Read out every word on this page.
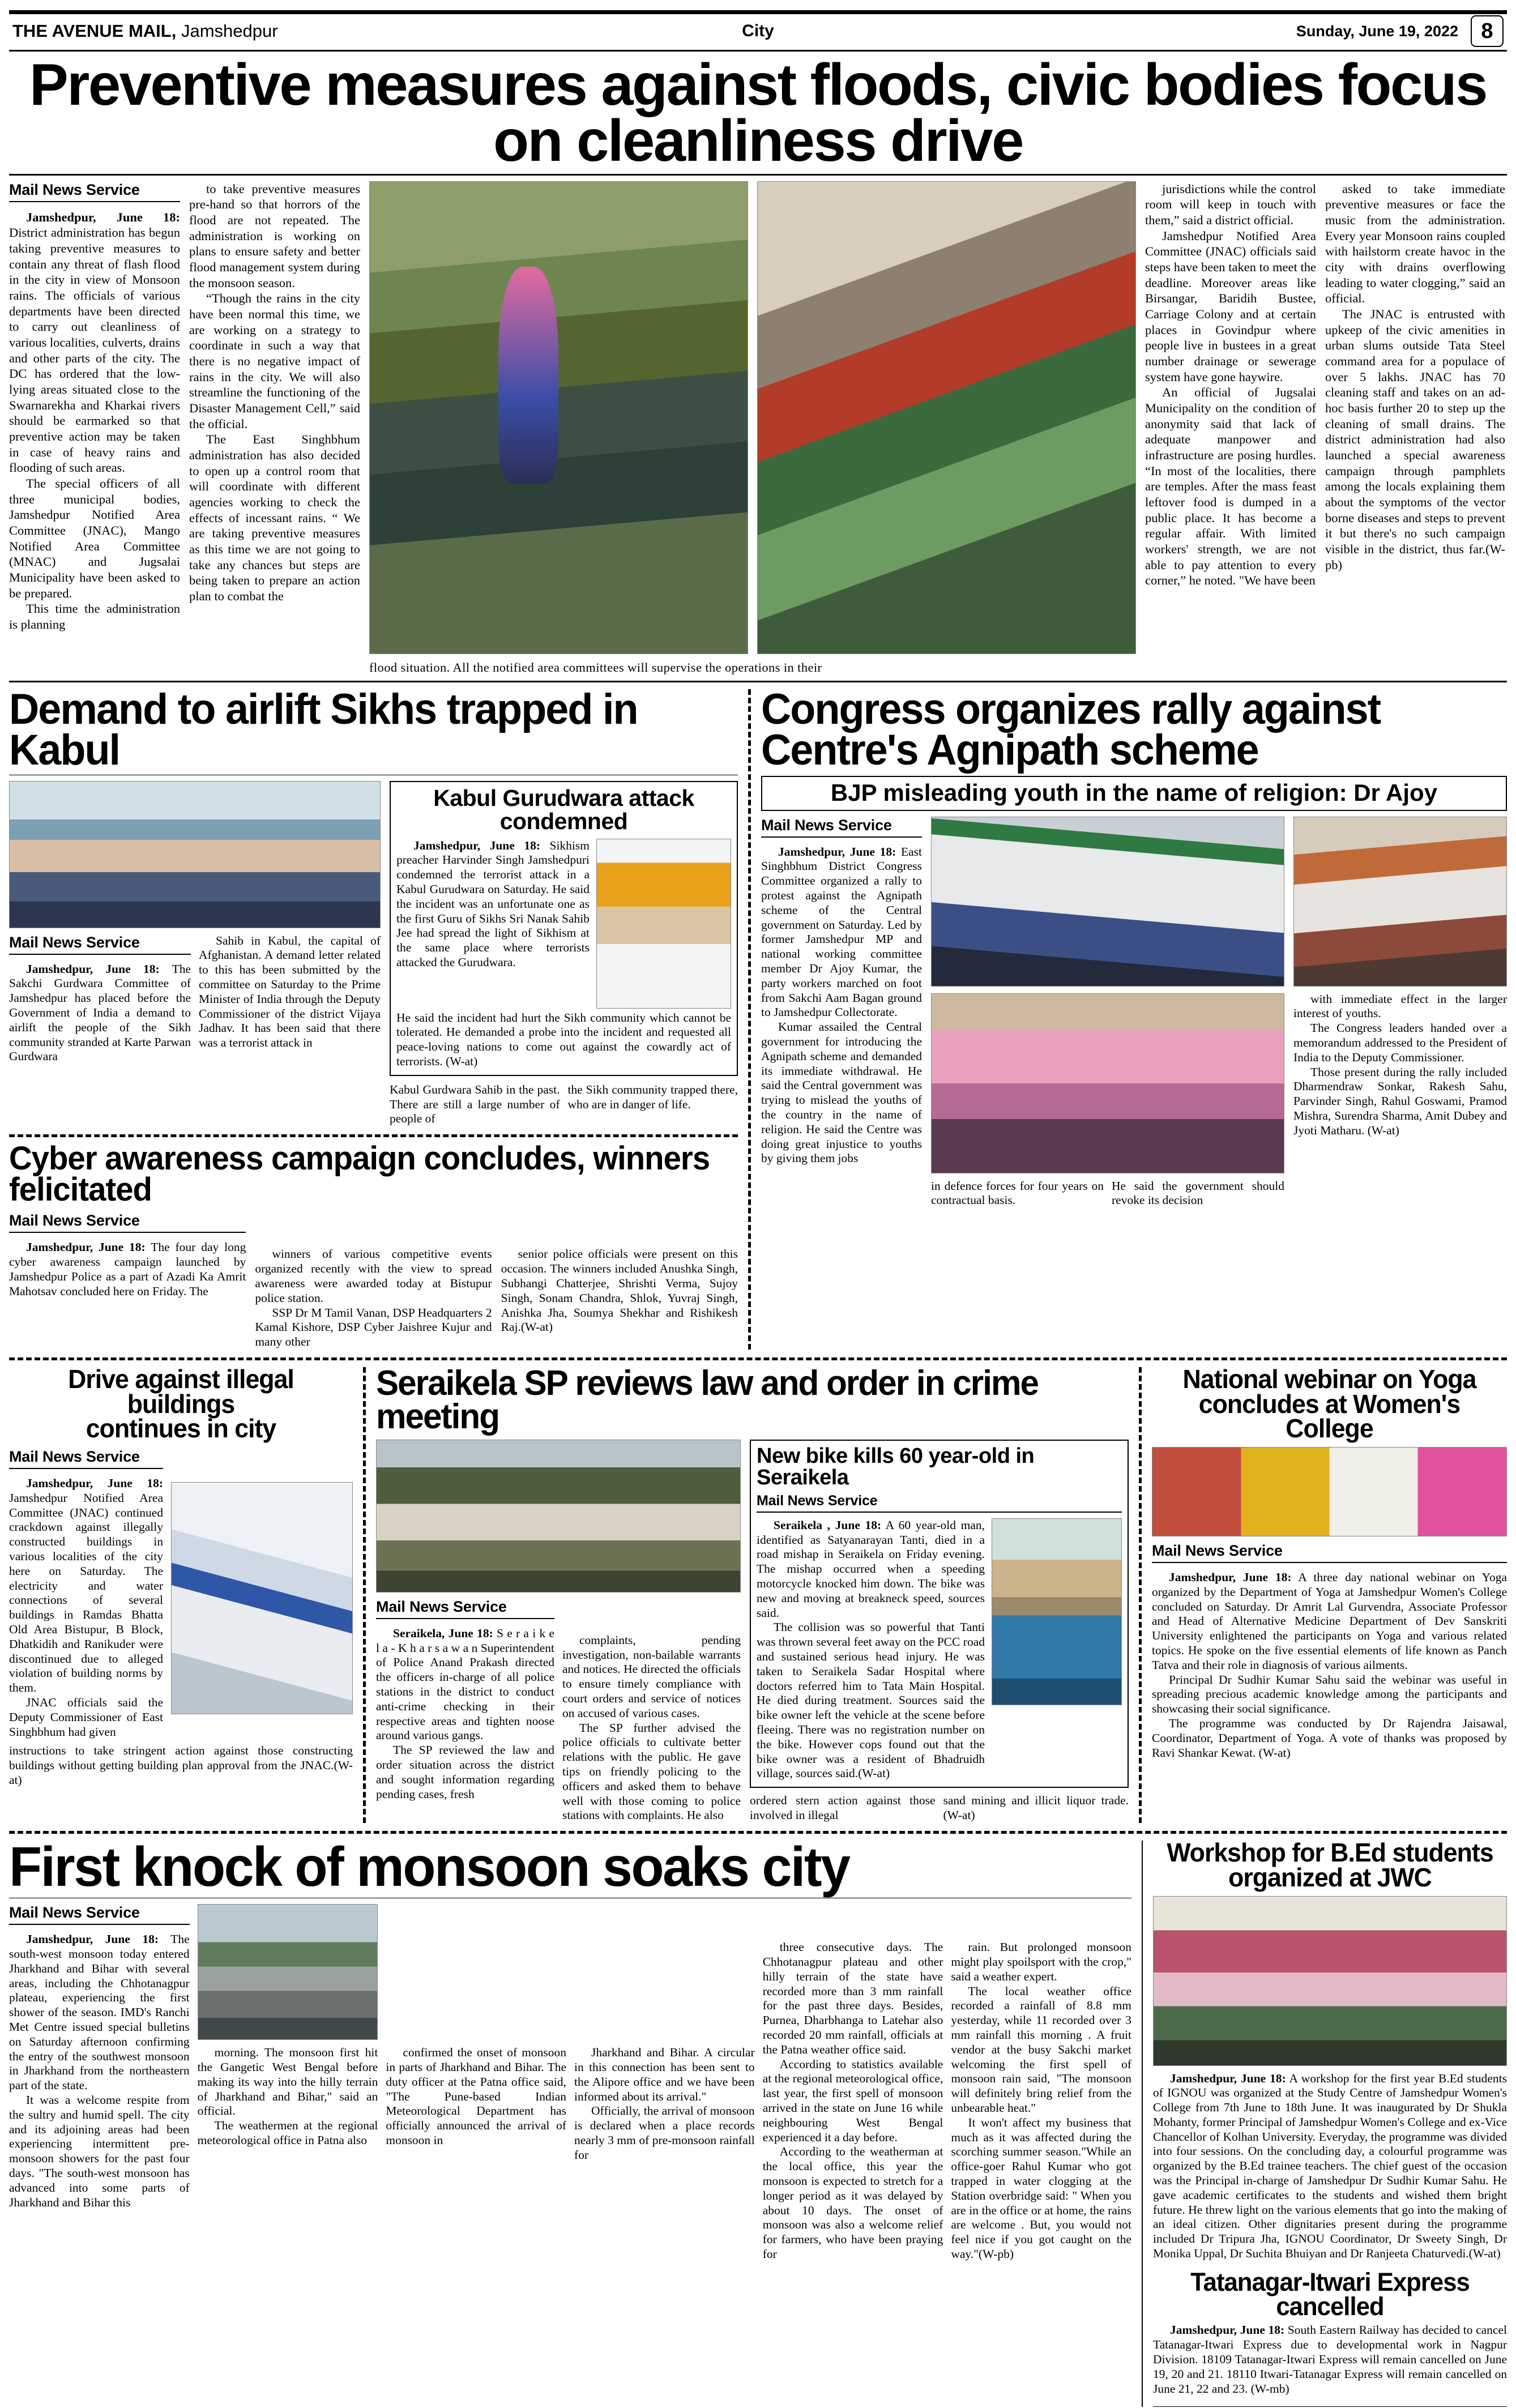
THE AVENUE MAIL, Jamshedpur	City	Sunday, June 19, 2022	8
Preventive measures against floods, civic bodies focus on cleanliness drive
Mail News Service

Jamshedpur, June 18: District administration has begun taking preventive measures to contain any threat of flash flood in the city in view of Monsoon rains. The officials of various departments have been directed to carry out cleanliness of various localities, culverts, drains and other parts of the city. The DC has ordered that the low-lying areas situated close to the Swarnarekha and Kharkai rivers should be earmarked so that preventive action may be taken in case of heavy rains and flooding of such areas.

The special officers of all three municipal bodies, Jamshedpur Notified Area Committee (JNAC), Mango Notified Area Committee (MNAC) and Jugsalai Municipality have been asked to be prepared.

This time the administration is planning

to take preventive measures pre-hand so that horrors of the flood are not repeated. The administration is working on plans to ensure safety and better flood management system during the monsoon season.

“Though the rains in the city have been normal this time, we are working on a strategy to coordinate in such a way that there is no negative impact of rains in the city. We will also streamline the functioning of the Disaster Management Cell,” said the official.

The East Singhbhum administration has also decided to open up a control room that will coordinate with different agencies working to check the effects of incessant rains. “ We are taking preventive measures as this time we are not going to take any chances but steps are being taken to prepare an action plan to combat the

flood situation. All the notified area committees will supervise the operations in their

jurisdictions while the control room will keep in touch with them,” said a district official.

Jamshedpur Notified Area Committee (JNAC) officials said steps have been taken to meet the deadline. Moreover areas like Birsangar, Baridih Bustee, Carriage Colony and at certain places in Govindpur where people live in bustees in a great number drainage or sewerage system have gone haywire.

An official of Jugsalai Municipality on the condition of anonymity said that lack of adequate manpower and infrastructure are posing hurdles. “In most of the localities, there are temples. After the mass feast leftover food is dumped in a public place. It has become a regular affair. With limited workers' strength, we are not able to pay attention to every corner,” he noted. "We have been

asked to take immediate preventive measures or face the music from the administration. Every year Monsoon rains coupled with hailstorm create havoc in the city with drains overflowing leading to water clogging,” said an official.

The JNAC is entrusted with upkeep of the civic amenities in urban slums outside Tata Steel command area for a populace of over 5 lakhs. JNAC has 70 cleaning staff and takes on an ad-hoc basis further 20 to step up the cleaning of small drains. The district administration had also launched a special awareness campaign through pamphlets among the locals explaining them about the symptoms of the vector borne diseases and steps to prevent it but there's no such campaign visible in the district, thus far.(W-pb)

Demand to airlift Sikhs trapped in Kabul
Mail News Service

Jamshedpur, June 18: The Sakchi Gurdwara Committee of Jamshedpur has placed before the Government of India a demand to airlift the people of the Sikh community stranded at Karte Parwan Gurdwara

Sahib in Kabul, the capital of Afghanistan. A demand letter related to this has been submitted by the committee on Saturday to the Prime Minister of India through the Deputy Commissioner of the district Vijaya Jadhav. It has been said that there was a terrorist attack in

Kabul Gurudwara attack condemned

Jamshedpur, June 18: Sikhism preacher Harvinder Singh Jamshedpuri condemned the terrorist attack in a Kabul Gurudwara on Saturday. He said the incident was an unfortunate one as the first Guru of Sikhs Sri Nanak Sahib Jee had spread the light of Sikhism at the same place where terrorists attacked the Gurudwara.

He said the incident had hurt the Sikh community which cannot be tolerated. He demanded a probe into the incident and requested all peace-loving nations to come out against the cowardly act of terrorists. (W-at)

Kabul Gurdwara Sahib in the past. There are still a large number of people of

the Sikh community trapped there, who are in danger of life.

Cyber awareness campaign concludes, winners felicitated
Mail News Service

Jamshedpur, June 18: The four day long cyber awareness campaign launched by Jamshedpur Police as a part of Azadi Ka Amrit Mahotsav concluded here on Friday. The

winners of various competitive events organized recently with the view to spread awareness were awarded today at Bistupur police station.

SSP Dr M Tamil Vanan, DSP Headquarters 2 Kamal Kishore, DSP Cyber Jaishree Kujur and many other

senior police officials were present on this occasion. The winners included Anushka Singh, Subhangi Chatterjee, Shrishti Verma, Sujoy Singh, Sonam Chandra, Shlok, Yuvraj Singh, Anishka Jha, Soumya Shekhar and Rishikesh Raj.(W-at)

Congress organizes rally against Centre's Agnipath scheme
BJP misleading youth in the name of religion: Dr Ajoy
Mail News Service

Jamshedpur, June 18: East Singhbhum District Congress Committee organized a rally to protest against the Agnipath scheme of the Central government on Saturday. Led by former Jamshedpur MP and national working committee member Dr Ajoy Kumar, the party workers marched on foot from Sakchi Aam Bagan ground to Jamshedpur Collectorate.

Kumar assailed the Central government for introducing the Agnipath scheme and demanded its immediate withdrawal. He said the Central government was trying to mislead the youths of the country in the name of religion. He said the Centre was doing great injustice to youths by giving them jobs

in defence forces for four years on contractual basis.

He said the government should revoke its decision

with immediate effect in the larger interest of youths.

The Congress leaders handed over a memorandum addressed to the President of India to the Deputy Commissioner.

Those present during the rally included Dharmendraw Sonkar, Rakesh Sahu, Parvinder Singh, Rahul Goswami, Pramod Mishra, Surendra Sharma, Amit Dubey and Jyoti Matharu. (W-at)

Drive against illegal buildings
continues in city
Mail News Service

Jamshedpur, June 18: Jamshedpur Notified Area Committee (JNAC) continued crackdown against illegally constructed buildings in various localities of the city here on Saturday. The electricity and water connections of several buildings in Ramdas Bhatta Old Area Bistupur, B Block, Dhatkidih and Ranikuder were discontinued due to alleged violation of building norms by them.

JNAC officials said the Deputy Commissioner of East Singhbhum had given

instructions to take stringent action against those constructing buildings without getting building plan approval from the JNAC.(W-at)

Seraikela SP reviews law and order in crime meeting
Mail News Service

Seraikela, June 18: S e r a i k e l a - K h a r s a w a n Superintendent of Police Anand Prakash directed the officers in-charge of all police stations in the district to conduct anti-crime checking in their respective areas and tighten noose around various gangs.

The SP reviewed the law and order situation across the district and sought information regarding pending cases, fresh

complaints, pending investigation, non-bailable warrants and notices. He directed the officials to ensure timely compliance with court orders and service of notices on accused of various cases.

The SP further advised the police officials to cultivate better relations with the public. He gave tips on friendly policing to the officers and asked them to behave well with those coming to police stations with complaints. He also

New bike kills 60 year-old in Seraikela
Mail News Service

Seraikela , June 18: A 60 year-old man, identified as Satyanarayan Tanti, died in a road mishap in Seraikela on Friday evening. The mishap occurred when a speeding motorcycle knocked him down. The bike was new and moving at breakneck speed, sources said.

The collision was so powerful that Tanti was thrown several feet away on the PCC road and sustained serious head injury. He was taken to Seraikela Sadar Hospital where doctors referred him to Tata Main Hospital. He died during treatment. Sources said the bike owner left the vehicle at the scene before fleeing. There was no registration number on the bike. However cops found out that the bike owner was a resident of Bhadruidh village, sources said.(W-at)

ordered stern action against those involved in illegal

sand mining and illicit liquor trade.(W-at)

National webinar on Yoga
concludes at Women's College
Mail News Service

Jamshedpur, June 18: A three day national webinar on Yoga organized by the Department of Yoga at Jamshedpur Women's College concluded on Saturday. Dr Amrit Lal Gurvendra, Associate Professor and Head of Alternative Medicine Department of Dev Sanskriti University enlightened the participants on Yoga and various related topics. He spoke on the five essential elements of life known as Panch Tatva and their role in diagnosis of various ailments.

Principal Dr Sudhir Kumar Sahu said the webinar was useful in spreading precious academic knowledge among the participants and showcasing their social significance.

The programme was conducted by Dr Rajendra Jaisawal, Coordinator, Department of Yoga. A vote of thanks was proposed by Ravi Shankar Kewat. (W-at)

First knock of monsoon soaks city
Mail News Service

Jamshedpur, June 18: The south-west monsoon today entered Jharkhand and Bihar with several areas, including the Chhotanagpur plateau, experiencing the first shower of the season. IMD's Ranchi Met Centre issued special bulletins on Saturday afternoon confirming the entry of the southwest monsoon in Jharkhand from the northeastern part of the state.

It was a welcome respite from the sultry and humid spell. The city and its adjoining areas had been experiencing intermittent pre-monsoon showers for the past four days. "The south-west monsoon has advanced into some parts of Jharkhand and Bihar this

morning. The monsoon first hit the Gangetic West Bengal before making its way into the hilly terrain of Jharkhand and Bihar," said an official.

The weathermen at the regional meteorological office in Patna also

confirmed the onset of monsoon in parts of Jharkhand and Bihar. The duty officer at the Patna office said, "The Pune-based Indian Meteorological Department has officially announced the arrival of monsoon in

Jharkhand and Bihar. A circular in this connection has been sent to the Alipore office and we have been informed about its arrival."

Officially, the arrival of monsoon is declared when a place records nearly 3 mm of pre-monsoon rainfall for

three consecutive days. The Chhotanagpur plateau and other hilly terrain of the state have recorded more than 3 mm rainfall for the past three days. Besides, Purnea, Dharbhanga to Latehar also recorded 20 mm rainfall, officials at the Patna weather office said.

According to statistics available at the regional meteorological office, last year, the first spell of monsoon arrived in the state on June 16 while neighbouring West Bengal experienced it a day before.

According to the weatherman at the local office, this year the monsoon is expected to stretch for a longer period as it was delayed by about 10 days. The onset of monsoon was also a welcome relief for farmers, who have been praying for

rain. But prolonged monsoon might play spoilsport with the crop," said a weather expert.

The local weather office recorded a rainfall of 8.8 mm yesterday, while 11 recorded over 3 mm rainfall this morning . A fruit vendor at the busy Sakchi market welcoming the first spell of monsoon rain said, "The monsoon will definitely bring relief from the unbearable heat."

It won't affect my business that much as it was affected during the scorching summer season."While an office-goer Rahul Kumar who got trapped in water clogging at the Station overbridge said: " When you are in the office or at home, the rains are welcome . But, you would not feel nice if you got caught on the way."(W-pb)

Workshop for B.Ed students
organized at JWC

Jamshedpur, June 18: A workshop for the first year B.Ed students of IGNOU was organized at the Study Centre of Jamshedpur Women's College from 7th June to 18th June. It was inaugurated by Dr Shukla Mohanty, former Principal of Jamshedpur Women's College and ex-Vice Chancellor of Kolhan University. Everyday, the programme was divided into four sessions. On the concluding day, a colourful programme was organized by the B.Ed trainee teachers. The chief guest of the occasion was the Principal in-charge of Jamshedpur Dr Sudhir Kumar Sahu. He gave academic certificates to the students and wished them bright future. He threw light on the various elements that go into the making of an ideal citizen. Other dignitaries present during the programme included Dr Tripura Jha, IGNOU Coordinator, Dr Sweety Singh, Dr Monika Uppal, Dr Suchita Bhuiyan and Dr Ranjeeta Chaturvedi.(W-at)

Tatanagar-Itwari Express cancelled

Jamshedpur, June 18: South Eastern Railway has decided to cancel Tatanagar-Itwari Express due to developmental work in Nagpur Division. 18109 Tatanagar-Itwari Express will remain cancelled on June 19, 20 and 21. 18110 Itwari-Tatanagar Express will remain cancelled on June 21, 22 and 23. (W-mb)
